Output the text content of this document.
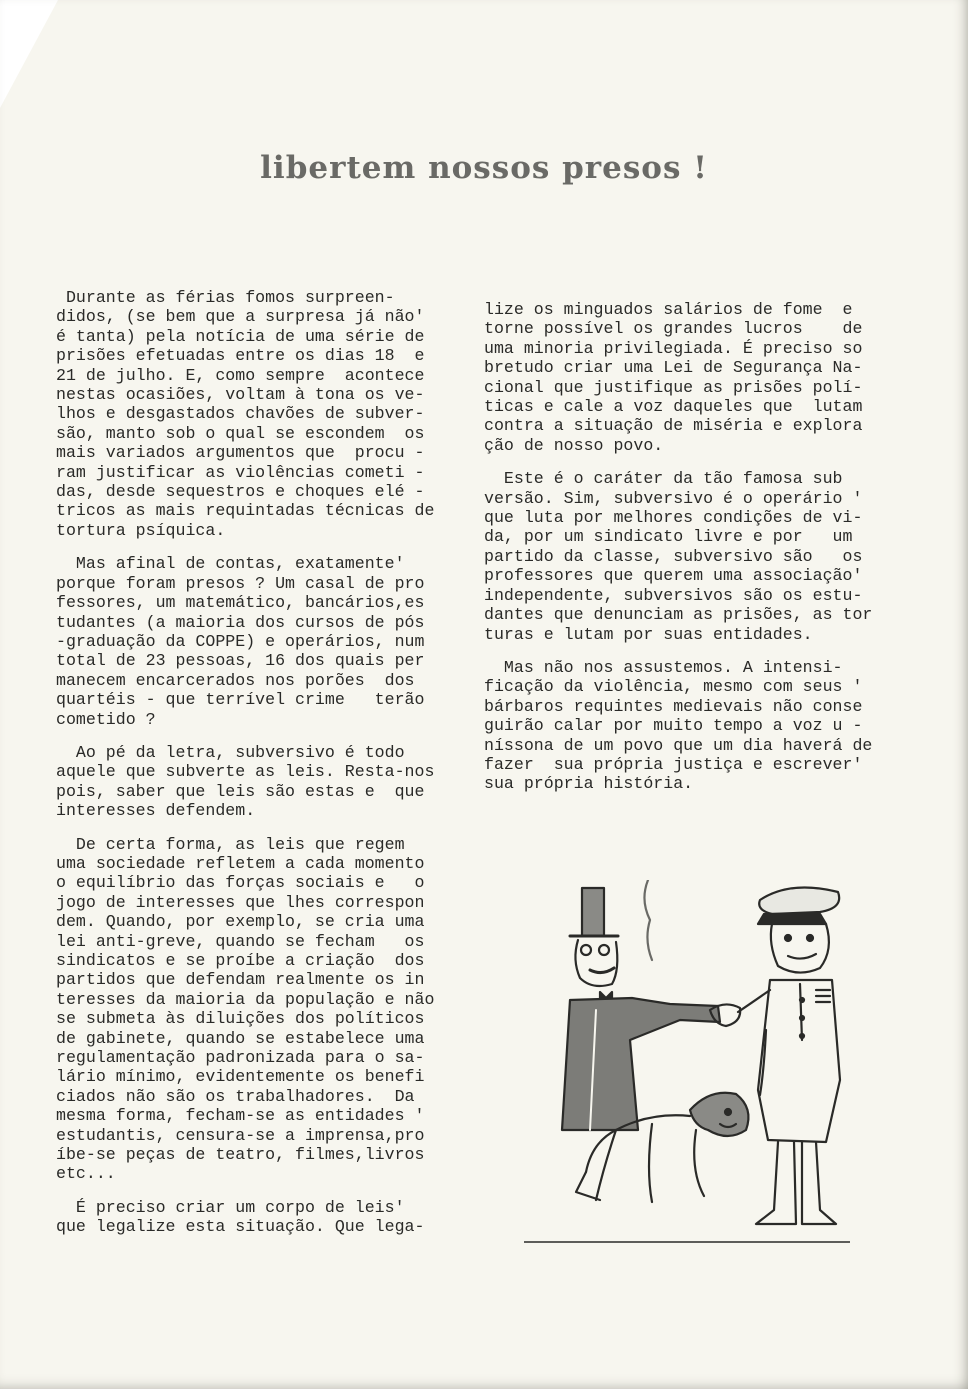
libertem nossos presos !
Durante as férias fomos surpreen-
didos, (se bem que a surpresa já não'
é tanta) pela notícia de uma série de
prisões efetuadas entre os dias 18  e
21 de julho. E, como sempre  acontece
nestas ocasiões, voltam à tona os ve-
lhos e desgastados chavões de subver-
são, manto sob o qual se escondem  os
mais variados argumentos que  procu -
ram justificar as violências cometi -
das, desde sequestros e choques elé -
tricos as mais requintadas técnicas de
tortura psíquica.
Mas afinal de contas, exatamente'
porque foram presos ? Um casal de pro
fessores, um matemático, bancários,es
tudantes (a maioria dos cursos de pós
-graduação da COPPE) e operários, num
total de 23 pessoas, 16 dos quais per
manecem encarcerados nos porões  dos
quartéis - que terrível crime   terão
cometido ?
Ao pé da letra, subversivo é todo
aquele que subverte as leis. Resta-nos
pois, saber que leis são estas e  que
interesses defendem.
De certa forma, as leis que regem
uma sociedade refletem a cada momento
o equilíbrio das forças sociais e   o
jogo de interesses que lhes correspon
dem. Quando, por exemplo, se cria uma
lei anti-greve, quando se fecham   os
sindicatos e se proíbe a criação  dos
partidos que defendam realmente os in
teresses da maioria da população e não
se submeta às diluições dos políticos
de gabinete, quando se estabelece uma
regulamentação padronizada para o sa-
lário mínimo, evidentemente os benefi
ciados não são os trabalhadores.  Da
mesma forma, fecham-se as entidades '
estudantis, censura-se a imprensa,pro
íbe-se peças de teatro, filmes,livros
etc...
É preciso criar um corpo de leis'
que legalize esta situação. Que lega-
lize os minguados salários de fome  e
torne possível os grandes lucros    de
uma minoria privilegiada. É preciso so
bretudo criar uma Lei de Segurança Na-
cional que justifique as prisões polí-
ticas e cale a voz daqueles que  lutam
contra a situação de miséria e explora
ção de nosso povo.
Este é o caráter da tão famosa sub
versão. Sim, subversivo é o operário '
que luta por melhores condições de vi-
da, por um sindicato livre e por   um
partido da classe, subversivo são   os
professores que querem uma associação'
independente, subversivos são os estu-
dantes que denunciam as prisões, as tor
turas e lutam por suas entidades.
Mas não nos assustemos. A intensi-
ficação da violência, mesmo com seus '
bárbaros requintes medievais não conse
guirão calar por muito tempo a voz u -
níssona de um povo que um dia haverá de
fazer  sua própria justiça e escrever'
sua própria história.
